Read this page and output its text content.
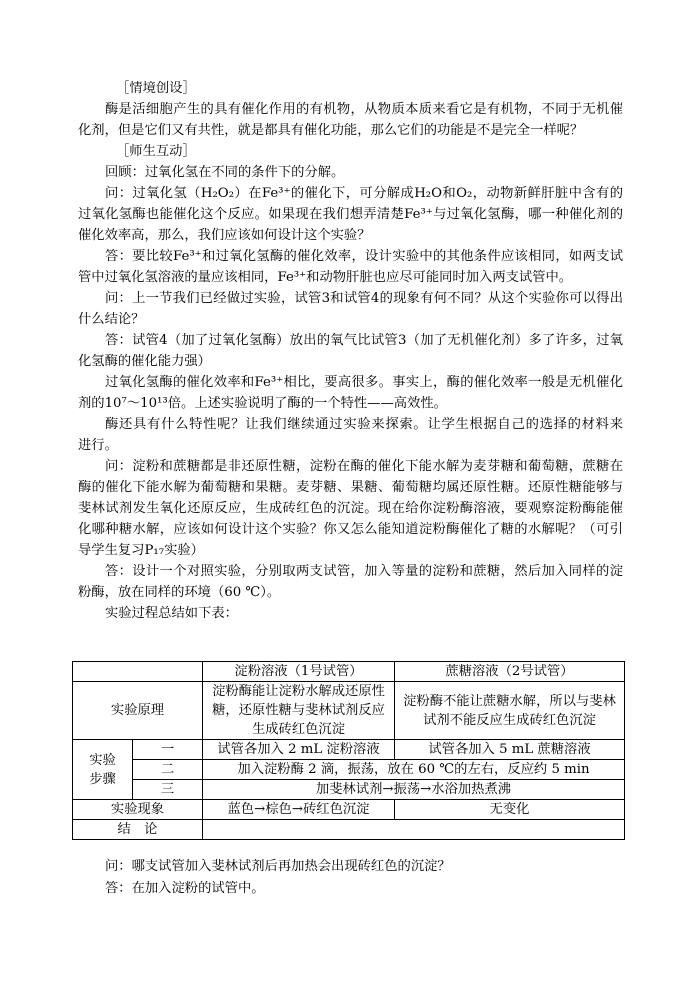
［情境创设］

酶是活细胞产生的具有催化作用的有机物，从物质本质来看它是有机物，不同于无机催化剂，但是它们又有共性，就是都具有催化功能，那么它们的功能是不是完全一样呢？

［师生互动］

回顾：过氧化氢在不同的条件下的分解。

问：过氧化氢（H₂O₂）在Fe³⁺的催化下，可分解成H₂O和O₂，动物新鲜肝脏中含有的过氧化氢酶也能催化这个反应。如果现在我们想弄清楚Fe³⁺与过氧化氢酶，哪一种催化剂的催化效率高，那么，我们应该如何设计这个实验？

答：要比较Fe³⁺和过氧化氢酶的催化效率，设计实验中的其他条件应该相同，如两支试管中过氧化氢溶液的量应该相同，Fe³⁺和动物肝脏也应尽可能同时加入两支试管中。

问：上一节我们已经做过实验，试管3和试管4的现象有何不同？从这个实验你可以得出什么结论？

答：试管4（加了过氧化氢酶）放出的氧气比试管3（加了无机催化剂）多了许多，过氧化氢酶的催化能力强）

过氧化氢酶的催化效率和Fe³⁺相比，要高很多。事实上，酶的催化效率一般是无机催化剂的10⁷～10¹³倍。上述实验说明了酶的一个特性——高效性。

酶还具有什么特性呢？让我们继续通过实验来探索。让学生根据自己的选择的材料来　进行。

问：淀粉和蔗糖都是非还原性糖，淀粉在酶的催化下能水解为麦芽糖和葡萄糖，蔗糖在酶的催化下能水解为葡萄糖和果糖。麦芽糖、果糖、葡萄糖均属还原性糖。还原性糖能够与斐林试剂发生氧化还原反应，生成砖红色的沉淀。现在给你淀粉酶溶液，要观察淀粉酶能催化哪种糖水解，应该如何设计这个实验？你又怎么能知道淀粉酶催化了糖的水解呢？（可引导学生复习P₁₇实验）

答：设计一个对照实验，分别取两支试管，加入等量的淀粉和蔗糖，然后加入同样的淀粉酶，放在同样的环境（60 ℃）。

实验过程总结如下表：

		淀粉溶液（1号试管）	蔗糖溶液（2号试管）
实验原理		淀粉酶能让淀粉水解成还原性糖，还原性糖与斐林试剂反应生成砖红色沉淀	淀粉酶不能让蔗糖水解，所以与斐林试剂不能反应生成砖红色沉淀
实验步骤	一	试管各加入 2 mL 淀粉溶液	试管各加入 5 mL 蔗糖溶液
	二	加入淀粉酶 2 滴，振荡，放在 60 ℃的左右，反应约 5 min	
	三	加斐林试剂→振荡→水浴加热煮沸	
实验现象		蓝色→棕色→砖红色沉淀	无变化
结　论			

问：哪支试管加入斐林试剂后再加热会出现砖红色的沉淀？

答：在加入淀粉的试管中。
